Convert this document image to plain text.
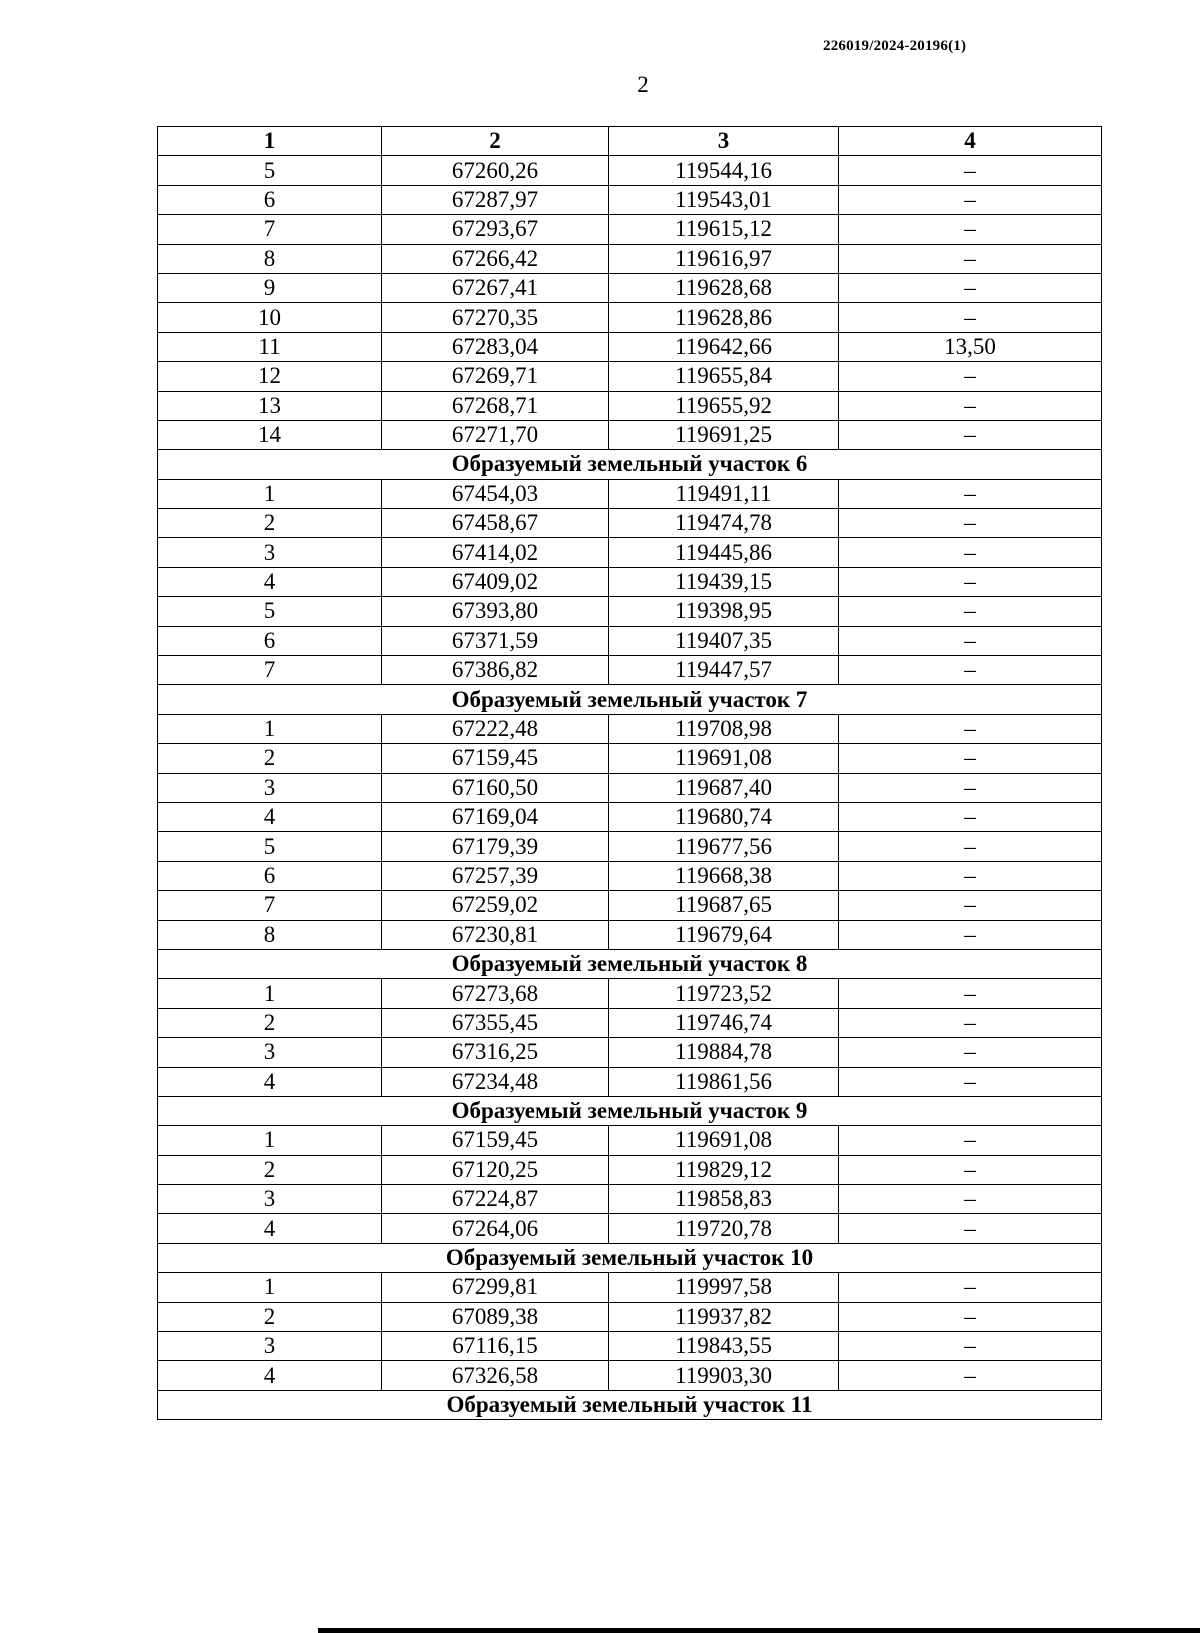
226019/2024-20196(1)
2
1	2	3	4
5	67260,26	119544,16	–
6	67287,97	119543,01	–
7	67293,67	119615,12	–
8	67266,42	119616,97	–
9	67267,41	119628,68	–
10	67270,35	119628,86	–
11	67283,04	119642,66	13,50
12	67269,71	119655,84	–
13	67268,71	119655,92	–
14	67271,70	119691,25	–
Образуемый земельный участок 6			
1	67454,03	119491,11	–
2	67458,67	119474,78	–
3	67414,02	119445,86	–
4	67409,02	119439,15	–
5	67393,80	119398,95	–
6	67371,59	119407,35	–
7	67386,82	119447,57	–
Образуемый земельный участок 7			
1	67222,48	119708,98	–
2	67159,45	119691,08	–
3	67160,50	119687,40	–
4	67169,04	119680,74	–
5	67179,39	119677,56	–
6	67257,39	119668,38	–
7	67259,02	119687,65	–
8	67230,81	119679,64	–
Образуемый земельный участок 8			
1	67273,68	119723,52	–
2	67355,45	119746,74	–
3	67316,25	119884,78	–
4	67234,48	119861,56	–
Образуемый земельный участок 9			
1	67159,45	119691,08	–
2	67120,25	119829,12	–
3	67224,87	119858,83	–
4	67264,06	119720,78	–
Образуемый земельный участок 10			
1	67299,81	119997,58	–
2	67089,38	119937,82	–
3	67116,15	119843,55	–
4	67326,58	119903,30	–
Образуемый земельный участок 11			
